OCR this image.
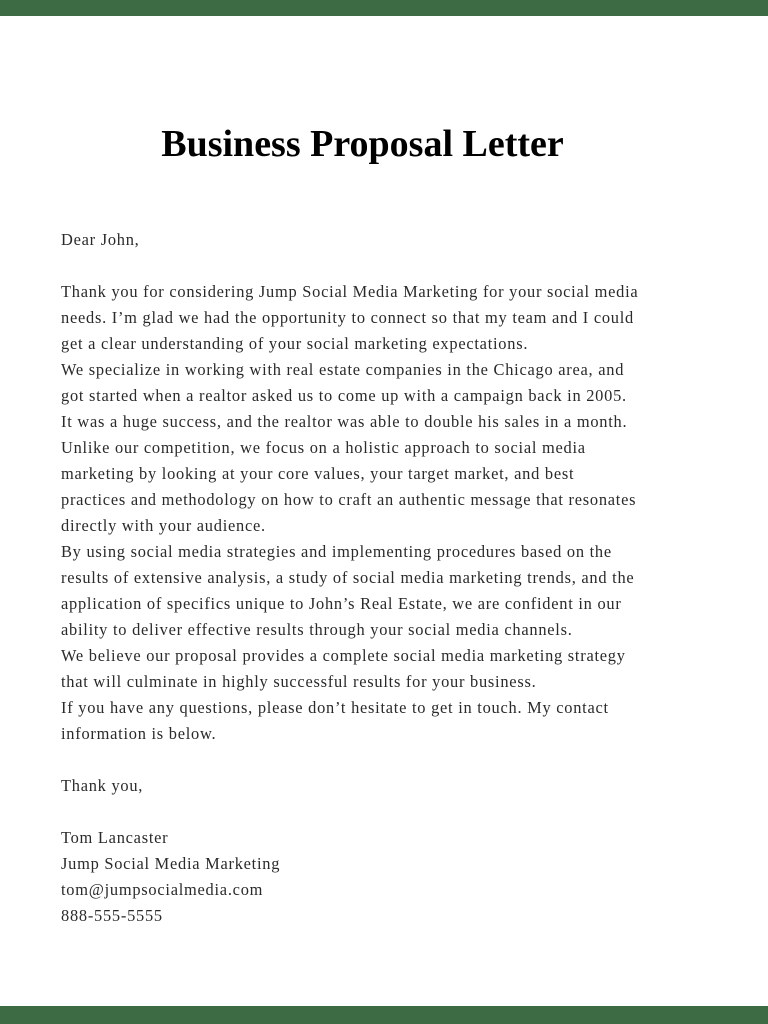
Business Proposal Letter
Dear John,
Thank you for considering Jump Social Media Marketing for your social media
needs. I’m glad we had the opportunity to connect so that my team and I could
get a clear understanding of your social marketing expectations.
We specialize in working with real estate companies in the Chicago area, and
got started when a realtor asked us to come up with a campaign back in 2005.
It was a huge success, and the realtor was able to double his sales in a month.
Unlike our competition, we focus on a holistic approach to social media
marketing by looking at your core values, your target market, and best
practices and methodology on how to craft an authentic message that resonates
directly with your audience.
By using social media strategies and implementing procedures based on the
results of extensive analysis, a study of social media marketing trends, and the
application of specifics unique to John’s Real Estate, we are confident in our
ability to deliver effective results through your social media channels.
We believe our proposal provides a complete social media marketing strategy
that will culminate in highly successful results for your business.
If you have any questions, please don’t hesitate to get in touch. My contact
information is below.
Thank you,
Tom Lancaster
Jump Social Media Marketing
tom@jumpsocialmedia.com
888-555-5555
